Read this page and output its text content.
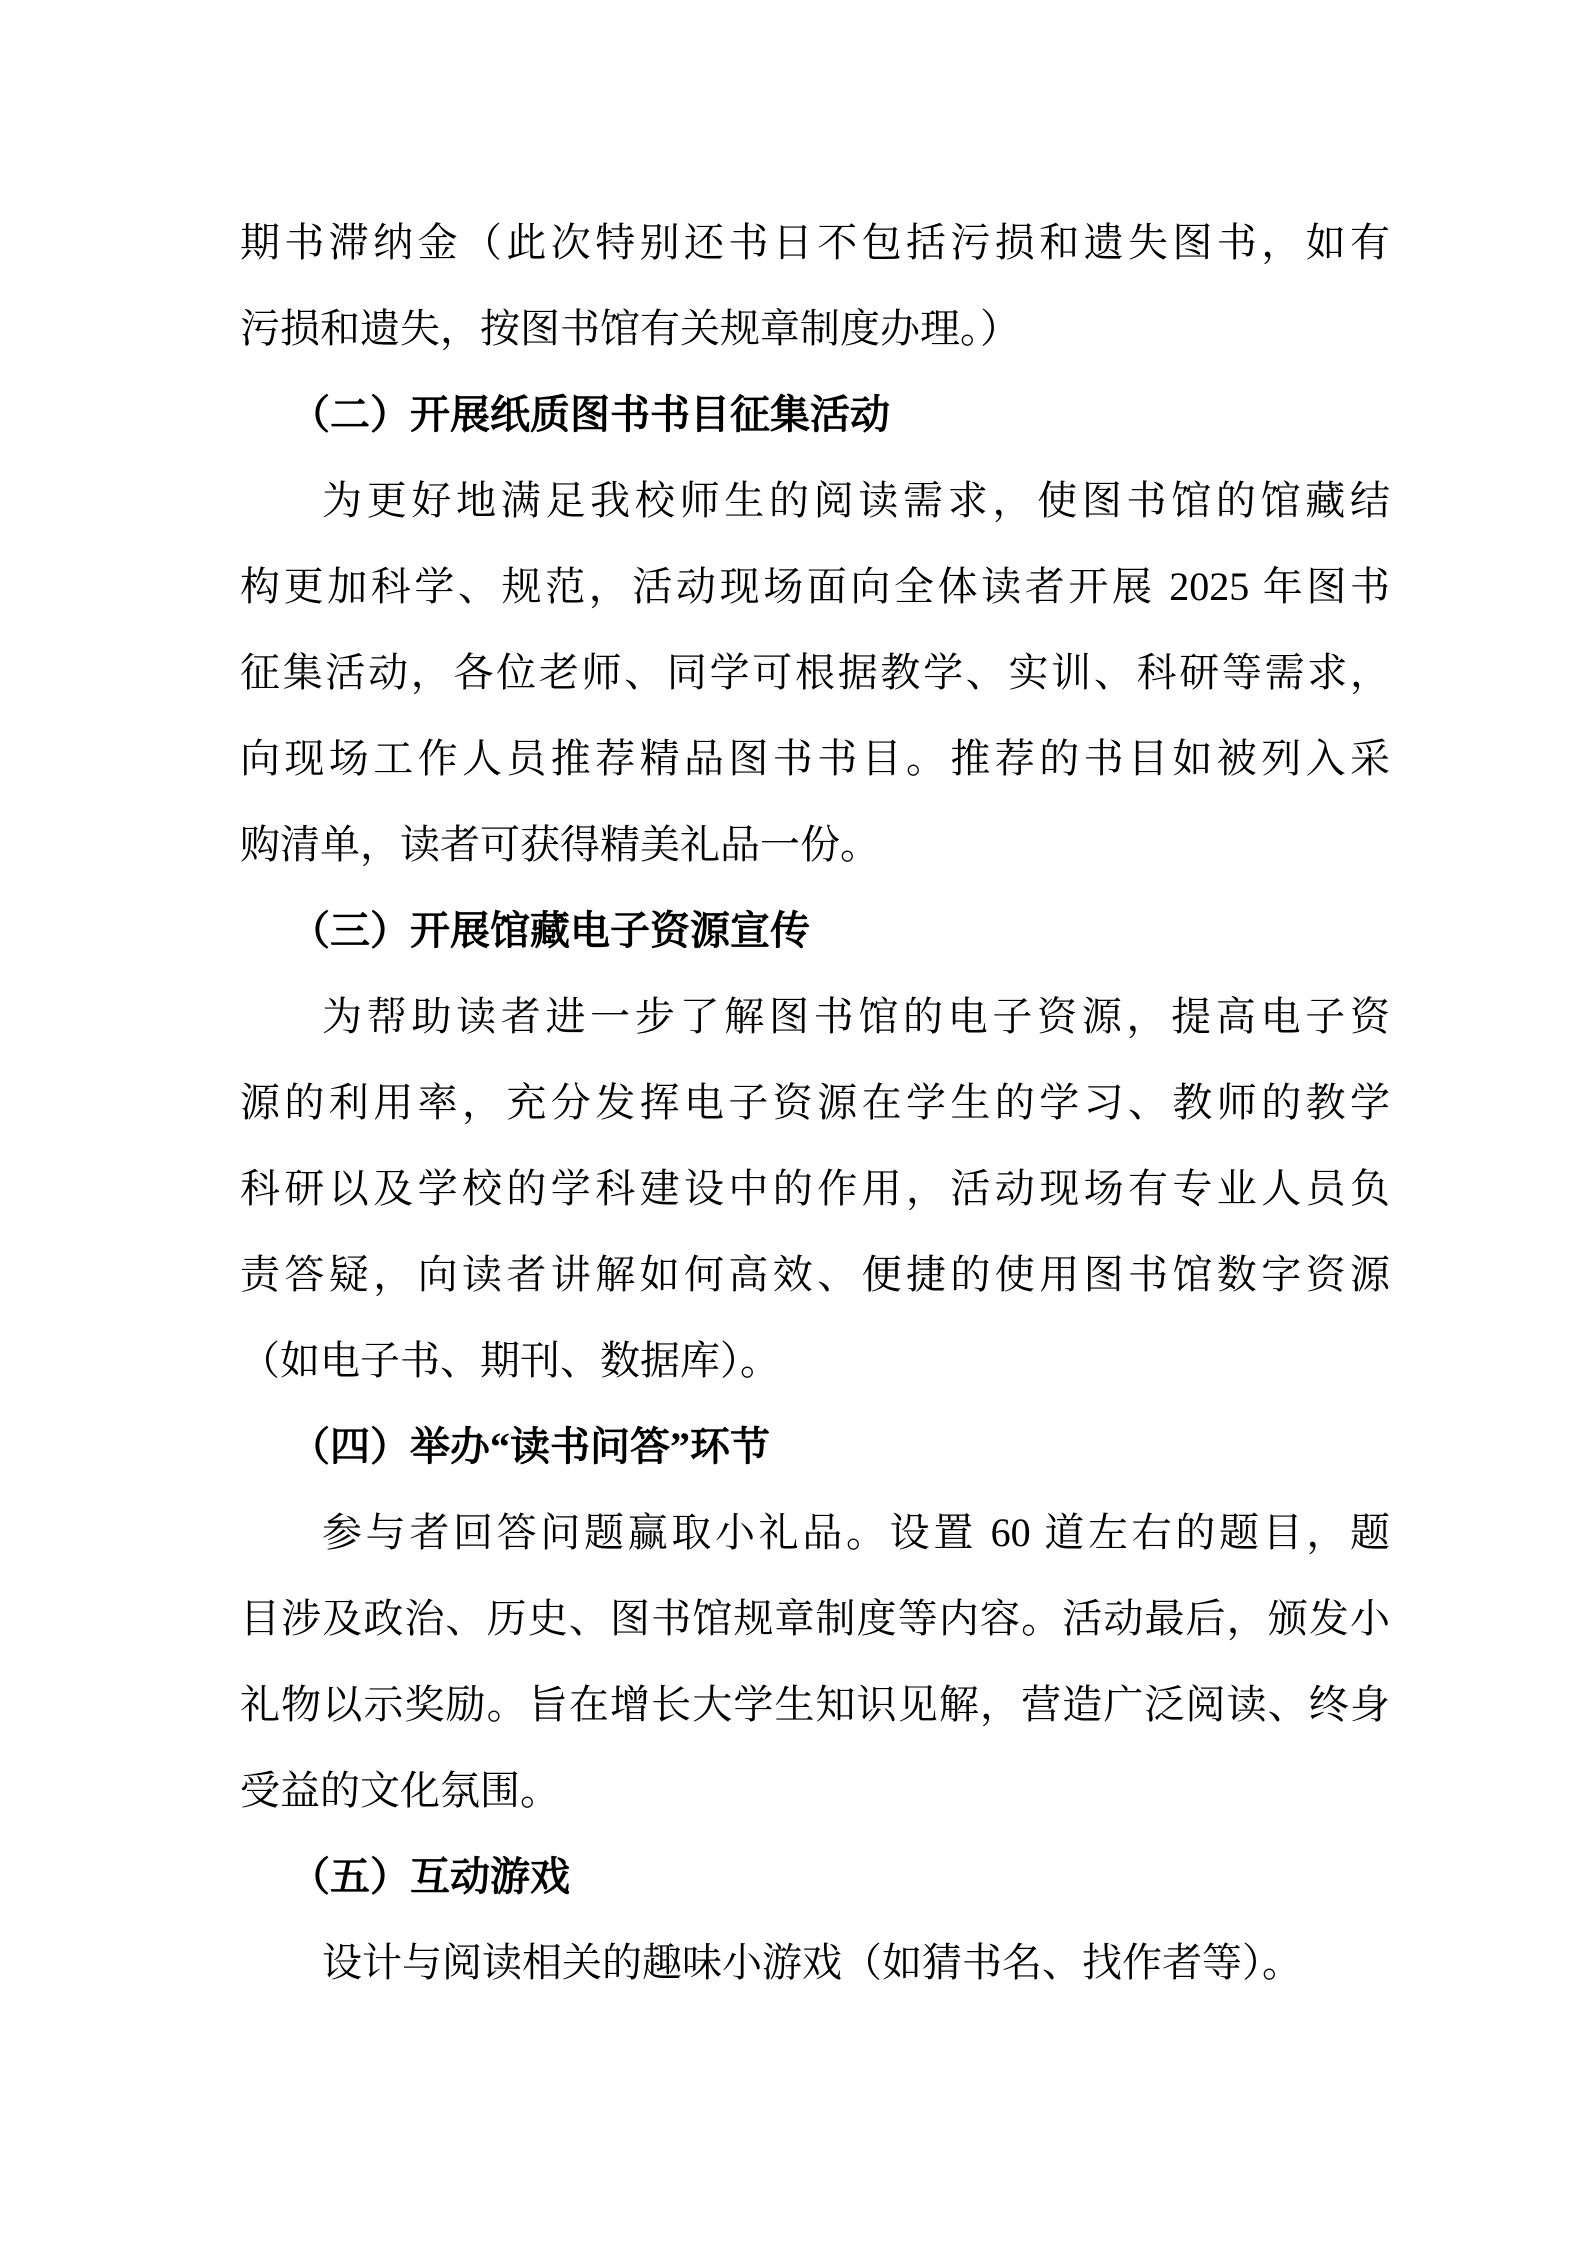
期书滞纳金（此次特别还书日不包括污损和遗失图书，如有
污损和遗失，按图书馆有关规章制度办理。）
（二）开展纸质图书书目征集活动
为更好地满足我校师生的阅读需求，使图书馆的馆藏结
构更加科学、规范，活动现场面向全体读者开展 2025 年图书
征集活动，各位老师、同学可根据教学、实训、科研等需求，
向现场工作人员推荐精品图书书目。推荐的书目如被列入采
购清单，读者可获得精美礼品一份。
（三）开展馆藏电子资源宣传
为帮助读者进一步了解图书馆的电子资源，提高电子资
源的利用率，充分发挥电子资源在学生的学习、教师的教学
科研以及学校的学科建设中的作用，活动现场有专业人员负
责答疑，向读者讲解如何高效、便捷的使用图书馆数字资源
（如电子书、期刊、数据库）。
（四）举办“读书问答”环节
参与者回答问题赢取小礼品。设置 60 道左右的题目，题
目涉及政治、历史、图书馆规章制度等内容。活动最后，颁发小
礼物以示奖励。旨在增长大学生知识见解，营造广泛阅读、终身
受益的文化氛围。
（五）互动游戏
设计与阅读相关的趣味小游戏（如猜书名、找作者等）。
